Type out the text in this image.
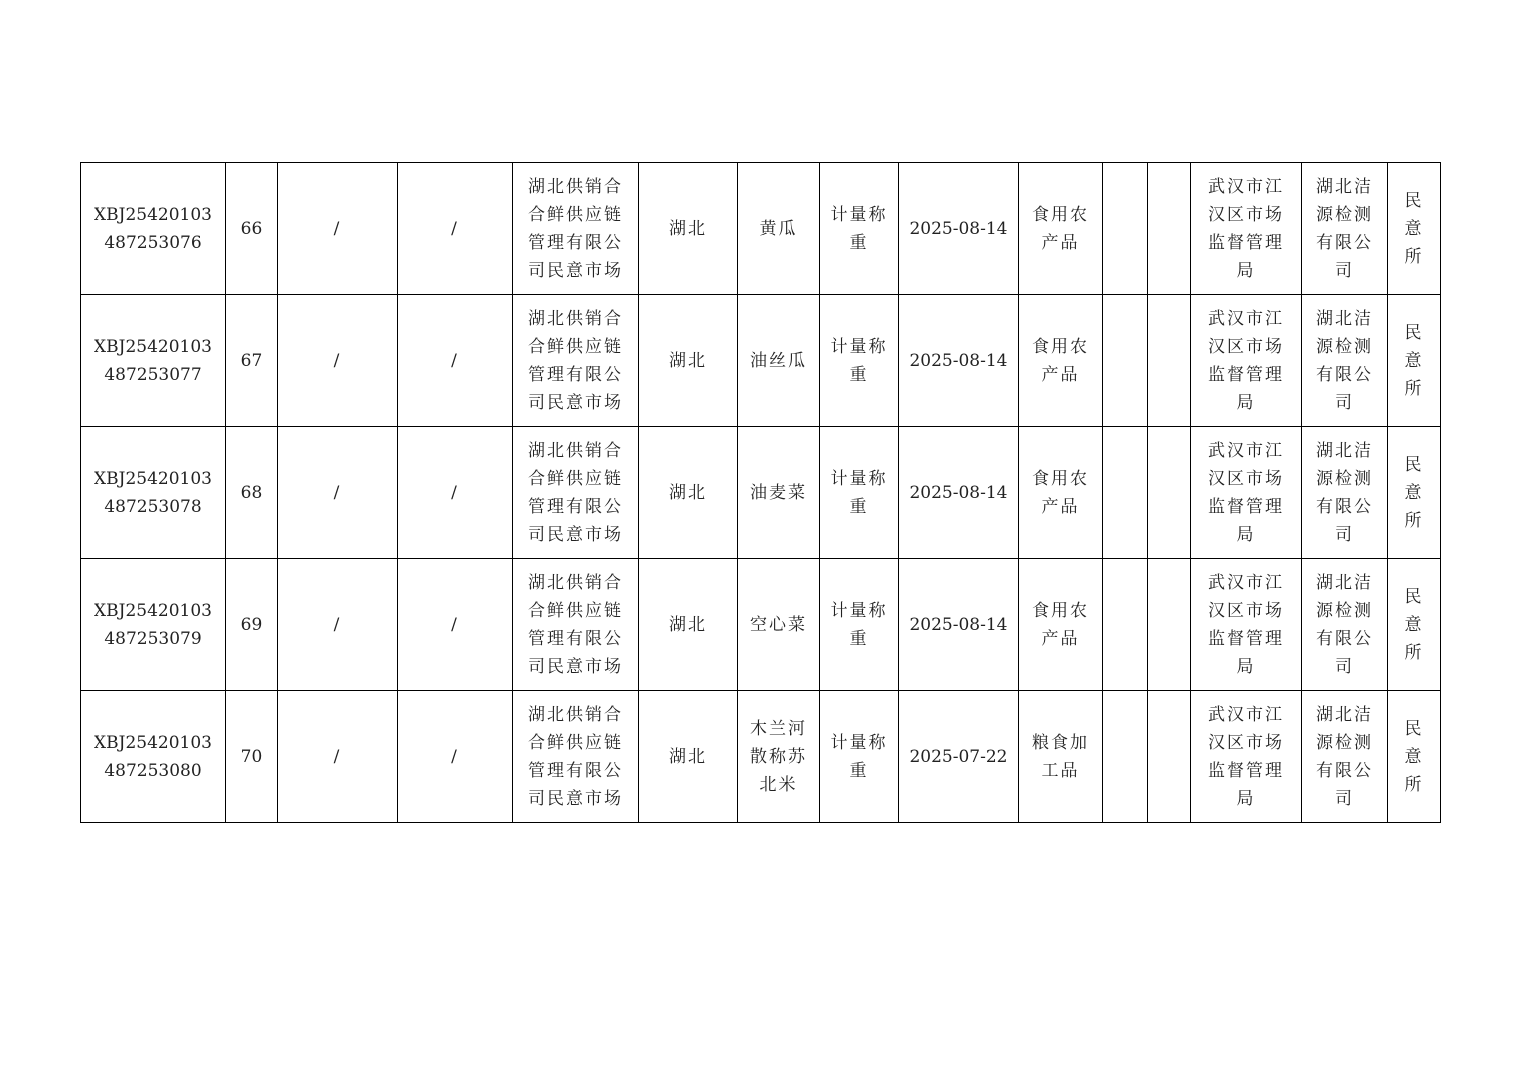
XBJ25420103487253076	66	/	/	湖北供销合合鲜供应链管理有限公司民意市场	湖北	黄瓜	计量称重	2025-08-14	食用农产品			武汉市江汉区市场监督管理局	湖北洁源检测有限公司	民意所
XBJ25420103487253077	67	/	/	湖北供销合合鲜供应链管理有限公司民意市场	湖北	油丝瓜	计量称重	2025-08-14	食用农产品			武汉市江汉区市场监督管理局	湖北洁源检测有限公司	民意所
XBJ25420103487253078	68	/	/	湖北供销合合鲜供应链管理有限公司民意市场	湖北	油麦菜	计量称重	2025-08-14	食用农产品			武汉市江汉区市场监督管理局	湖北洁源检测有限公司	民意所
XBJ25420103487253079	69	/	/	湖北供销合合鲜供应链管理有限公司民意市场	湖北	空心菜	计量称重	2025-08-14	食用农产品			武汉市江汉区市场监督管理局	湖北洁源检测有限公司	民意所
XBJ25420103487253080	70	/	/	湖北供销合合鲜供应链管理有限公司民意市场	湖北	木兰河散称苏北米	计量称重	2025-07-22	粮食加工品			武汉市江汉区市场监督管理局	湖北洁源检测有限公司	民意所
